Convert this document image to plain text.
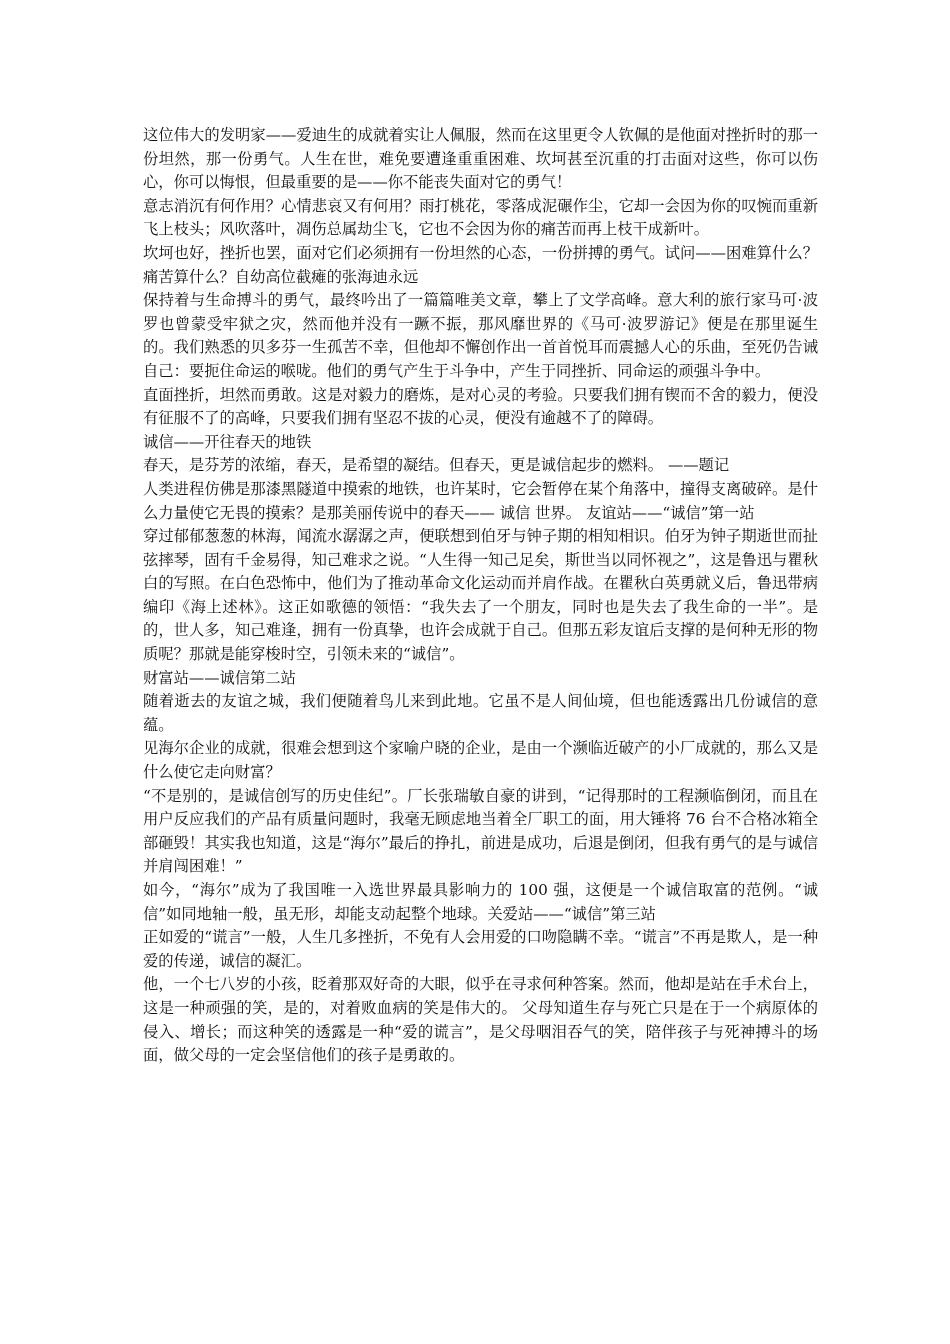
这位伟大的发明家——爱迪生的成就着实让人佩服，然而在这里更令人钦佩的是他面对挫折时的那一份坦然，那一份勇气。人生在世，难免要遭逢重重困难、坎坷甚至沉重的打击面对这些，你可以伤心，你可以悔恨，但最重要的是——你不能丧失面对它的勇气！

意志消沉有何作用？心情悲哀又有何用？雨打桃花，零落成泥碾作尘，它却一会因为你的叹惋而重新飞上枝头；风吹落叶，凋伤总属劫尘飞，它也不会因为你的痛苦而再上枝干成新叶。

坎坷也好，挫折也罢，面对它们必须拥有一份坦然的心态，一份拼搏的勇气。试问——困难算什么？痛苦算什么？自幼高位截瘫的张海迪永远

保持着与生命搏斗的勇气，最终吟出了一篇篇唯美文章，攀上了文学高峰。意大利的旅行家马可·波罗也曾蒙受牢狱之灾，然而他并没有一蹶不振，那风靡世界的《马可·波罗游记》便是在那里诞生的。我们熟悉的贝多芬一生孤苦不幸，但他却不懈创作出一首首悦耳而震撼人心的乐曲，至死仍告诫自己：要扼住命运的喉咙。他们的勇气产生于斗争中，产生于同挫折、同命运的顽强斗争中。

直面挫折，坦然而勇敢。这是对毅力的磨炼，是对心灵的考验。只要我们拥有锲而不舍的毅力，便没有征服不了的高峰，只要我们拥有坚忍不拔的心灵，便没有逾越不了的障碍。

诚信——开往春天的地铁

春天，是芬芳的浓缩，春天，是希望的凝结。但春天，更是诚信起步的燃料。 ——题记

人类进程仿佛是那漆黑隧道中摸索的地铁，也许某时，它会暂停在某个角落中，撞得支离破碎。是什么力量使它无畏的摸索？是那美丽传说中的春天—— 诚信 世界。 友谊站——“诚信”第一站

穿过郁郁葱葱的林海，闻流水潺潺之声，便联想到伯牙与钟子期的相知相识。伯牙为钟子期逝世而扯弦摔琴，固有千金易得，知己难求之说。“人生得一知己足矣，斯世当以同怀视之”，这是鲁迅与瞿秋白的写照。在白色恐怖中，他们为了推动革命文化运动而并肩作战。在瞿秋白英勇就义后，鲁迅带病编印《海上述林》。这正如歌德的领悟：“我失去了一个朋友，同时也是失去了我生命的一半”。是的，世人多，知己难逢，拥有一份真挚，也许会成就于自己。但那五彩友谊后支撑的是何种无形的物质呢？那就是能穿梭时空，引领未来的“诚信”。

财富站——诚信第二站

随着逝去的友谊之城，我们便随着鸟儿来到此地。它虽不是人间仙境，但也能透露出几份诚信的意蕴。

见海尔企业的成就，很难会想到这个家喻户晓的企业，是由一个濒临近破产的小厂成就的，那么又是什么使它走向财富？

“不是别的，是诚信创写的历史佳纪”。厂长张瑞敏自豪的讲到，“记得那时的工程濒临倒闭，而且在用户反应我们的产品有质量问题时，我毫无顾虑地当着全厂职工的面，用大锤将 76 台不合格冰箱全部砸毁！其实我也知道，这是“海尔”最后的挣扎，前进是成功，后退是倒闭，但我有勇气的是与诚信并肩闯困难！”

如今，“海尔”成为了我国唯一入选世界最具影响力的 100 强，这便是一个诚信取富的范例。“诚信”如同地轴一般，虽无形，却能支动起整个地球。关爱站——“诚信”第三站

正如爱的“谎言”一般，人生几多挫折，不免有人会用爱的口吻隐瞒不幸。“谎言”不再是欺人，是一种爱的传递，诚信的凝汇。

他，一个七八岁的小孩，眨着那双好奇的大眼，似乎在寻求何种答案。然而，他却是站在手术台上，这是一种顽强的笑，是的，对着败血病的笑是伟大的。 父母知道生存与死亡只是在于一个病原体的侵入、增长；而这种笑的透露是一种“爱的谎言”，是父母咽泪吞气的笑，陪伴孩子与死神搏斗的场面，做父母的一定会坚信他们的孩子是勇敢的。
